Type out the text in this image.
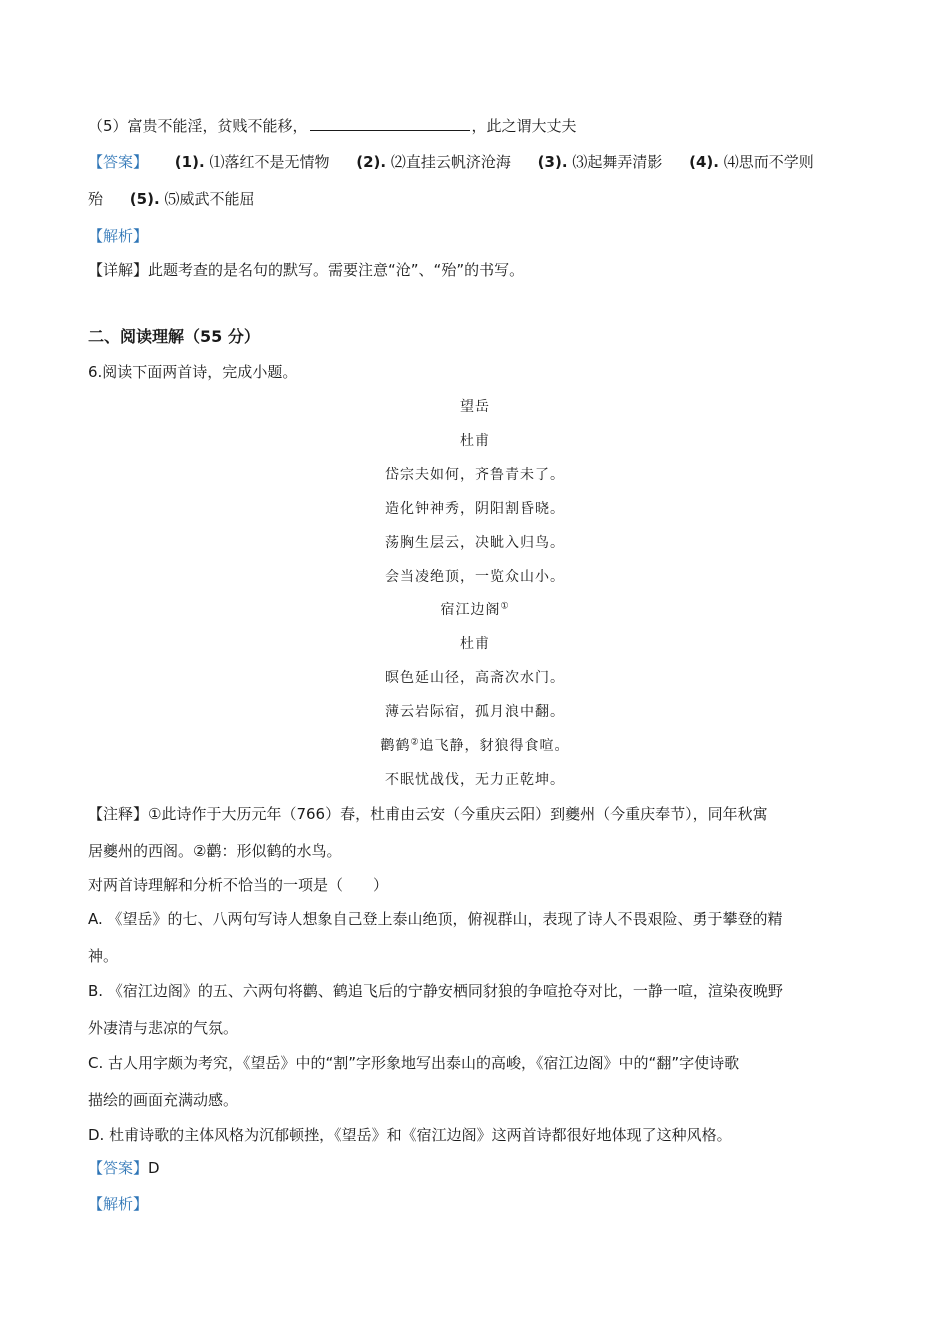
（5）富贵不能淫，贫贱不能移，	，此之谓大丈夫
【答案】 (1). ⑴落红不是无情物 (2). ⑵直挂云帆济沧海 (3). ⑶起舞弄清影 (4). ⑷思而不学则
殆 (5). ⑸威武不能屈
【解析】
【详解】此题考查的是名句的默写。需要注意“沧”、“殆”的书写。
二、阅读理解（55 分）
6.阅读下面两首诗，完成小题。
望岳
杜甫
岱宗夫如何，齐鲁青未了。
造化钟神秀，阴阳割昏晓。
荡胸生层云，决眦入归鸟。
会当凌绝顶，一览众山小。
宿江边阁①
杜甫
暝色延山径，高斋次水门。
薄云岩际宿，孤月浪中翻。
鹳鹤②追飞静，豺狼得食喧。
不眠忧战伐，无力正乾坤。
【注释】①此诗作于大历元年（766）春，杜甫由云安（今重庆云阳）到夔州（今重庆奉节），同年秋寓
居夔州的西阁。②鹳：形似鹤的水鸟。
对两首诗理解和分析不恰当的一项是（　　）
A. 《望岳》的七、八两句写诗人想象自己登上泰山绝顶，俯视群山，表现了诗人不畏艰险、勇于攀登的精
神。
B. 《宿江边阁》的五、六两句将鹳、鹤追飞后的宁静安栖同豺狼的争喧抢夺对比，一静一喧，渲染夜晚野
外凄清与悲凉的气氛。
C. 古人用字颇为考究，《望岳》中的“割”字形象地写出泰山的高峻，《宿江边阁》中的“翻”字使诗歌
描绘的画面充满动感。
D. 杜甫诗歌的主体风格为沉郁顿挫，《望岳》和《宿江边阁》这两首诗都很好地体现了这种风格。
【答案】D
【解析】
